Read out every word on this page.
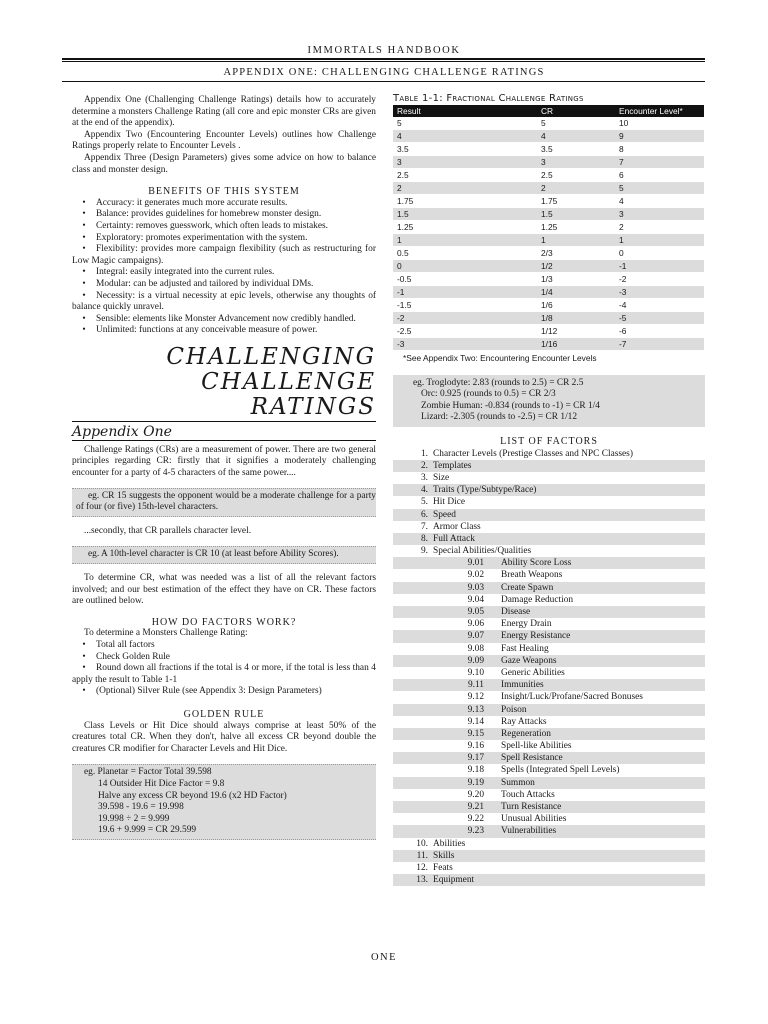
IMMORTALS HANDBOOK
APPENDIX ONE: CHALLENGING CHALLENGE RATINGS

Appendix One (Challenging Challenge Ratings) details how to accurately determine a monsters Challenge Rating (all core and epic monster CRs are given at the end of the appendix).

Appendix Two (Encountering Encounter Levels) outlines how Challenge Ratings properly relate to Encounter Levels .

Appendix Three (Design Parameters) gives some advice on how to balance class and monster design.

BENEFITS OF THIS SYSTEM
• Accuracy: it generates much more accurate results.
• Balance: provides guidelines for homebrew monster design.
• Certainty: removes guesswork, which often leads to mistakes.
• Exploratory: promotes experimentation with the system.
• Flexibility: provides more campaign flexibility (such as restructuring for Low Magic campaigns).
• Integral: easily integrated into the current rules.
• Modular: can be adjusted and tailored by individual DMs.
• Necessity: is a virtual necessity at epic levels, otherwise any thoughts of balance quickly unravel.
• Sensible: elements like Monster Advancement now credibly handled.
• Unlimited: functions at any conceivable measure of power.
CHALLENGING
CHALLENGE RATINGS
Appendix One

Challenge Ratings (CRs) are a measurement of power. There are two general principles regarding CR: firstly that it signifies a moderately challenging encounter for a party of 4-5 characters of the same power....

eg. CR 15 suggests the opponent would be a moderate challenge for a party of four (or five) 15th-level characters.

...secondly, that CR parallels character level.

eg. A 10th-level character is CR 10 (at least before Ability Scores).

To determine CR, what was needed was a list of all the relevant factors involved; and our best estimation of the effect they have on CR. These factors are outlined below.

HOW DO FACTORS WORK?

To determine a Monsters Challenge Rating:

• Total all factors
• Check Golden Rule
• Round down all fractions if the total is 4 or more, if the total is less than 4 apply the result to Table 1-1
• (Optional) Silver Rule (see Appendix 3: Design Parameters)
GOLDEN RULE

Class Levels or Hit Dice should always comprise at least 50% of the creatures total CR. When they don't, halve all excess CR beyond double the creatures CR modifier for Character Levels and Hit Dice.

eg. Planetar = Factor Total 39.598
14 Outsider Hit Dice Factor = 9.8
Halve any excess CR beyond 19.6 (x2 HD Factor)
39.598 - 19.6 = 19.998
19.998 ÷ 2 = 9.999
19.6 + 9.999 = CR 29.599
Table 1-1: Fractional Challenge Ratings
Result	CR	Encounter Level*
5	5	10
4	4	9
3.5	3.5	8
3	3	7
2.5	2.5	6
2	2	5
1.75	1.75	4
1.5	1.5	3
1.25	1.25	2
1	1	1
0.5	2/3	0
0	1/2	-1
-0.5	1/3	-2
-1	1/4	-3
-1.5	1/6	-4
-2	1/8	-5
-2.5	1/12	-6
-3	1/16	-7
*See Appendix Two: Encountering Encounter Levels
eg. Troglodyte: 2.83 (rounds to 2.5) = CR 2.5
Orc: 0.925 (rounds to 0.5) = CR 2/3
Zombie Human: -0.834 (rounds to -1) = CR 1/4
Lizard: -2.305 (rounds to -2.5) = CR 1/12
LIST OF FACTORS
1. Character Levels (Prestige Classes and NPC Classes)
2. Templates
3. Size
4. Traits (Type/Subtype/Race)
5. Hit Dice
6. Speed
7. Armor Class
8. Full Attack
9. Special Abilities/Qualities
9.01	Ability Score Loss
9.02	Breath Weapons
9.03	Create Spawn
9.04	Damage Reduction
9.05	Disease
9.06	Energy Drain
9.07	Energy Resistance
9.08	Fast Healing
9.09	Gaze Weapons
9.10	Generic Abilities
9.11	Immunities
9.12	Insight/Luck/Profane/Sacred Bonuses
9.13	Poison
9.14	Ray Attacks
9.15	Regeneration
9.16	Spell-like Abilities
9.17	Spell Resistance
9.18	Spells (Integrated Spell Levels)
9.19	Summon
9.20	Touch Attacks
9.21	Turn Resistance
9.22	Unusual Abilities
9.23	Vulnerabilities
10. Abilities
11. Skills
12. Feats
13. Equipment
ONE
